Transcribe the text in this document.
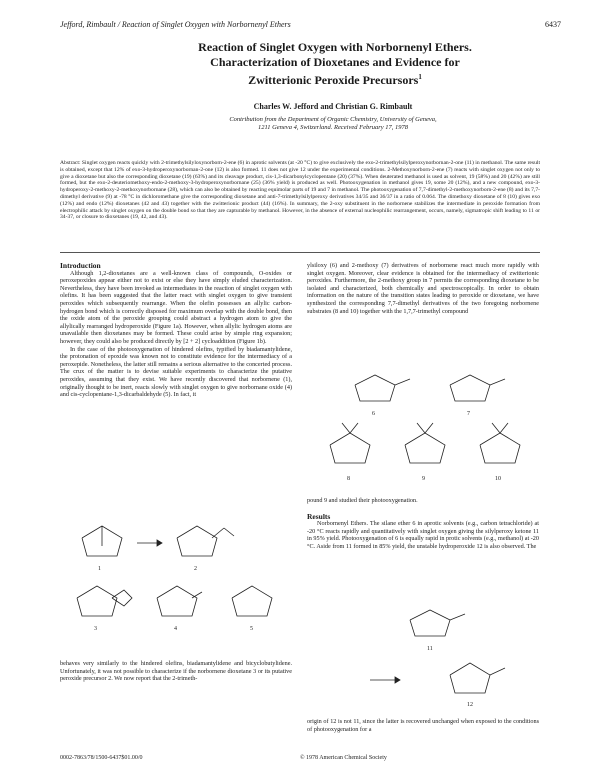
Jefford, Rimbault / Reaction of Singlet Oxygen with Norbornenyl Ethers	6437
Reaction of Singlet Oxygen with Norbornenyl Ethers.
Characterization of Dioxetanes and Evidence for
Zwitterionic Peroxide Precursors$^1$
Charles W. Jefford and Christian G. Rimbault
Contribution from the Department of Organic Chemistry, University of Geneva,
1211 Geneva 4, Switzerland. Received February 17, 1978
Abstract: Singlet oxygen reacts quickly with 2-trimethylsilyloxynorborn-2-ene (6) in aprotic solvents (at -20 °C) to give exclusively the exo-2-trimethylsilylperoxynorbornan-2-one (11) in methanol. The same result is obtained, except that 12% of exo-3-hydroperoxynorbornan-2-one (12) is also formed. 11 does not give 12 under the experimental conditions. 2-Methoxynorborn-2-ene (7) reacts with singlet oxygen not only to give a dioxetane but also the corresponding dioxetane (19) (63%) and its cleavage product, cis-1,3-dicarbonylcyclopentane (20) (37%). When deuterated methanol is used as solvent, 19 (58%) and 20 (42%) are still formed, but the exo-2-deuteriomethoxy-endo-2-methoxy-3-hydroperoxynorbornane (25) (36% yield) is produced as well. Photooxygenation in methanol gives 19, some 20 (12%), and a new compound, exo-3-hydroperoxy-2-methoxy-2-methoxynorbornane (28), which can also be obtained by reacting equimolar parts of 19 and 7 in methanol. The photooxygenation of 7,7-dimethyl-2-methoxynorborn-2-ene (8) and its 7,7-dimethyl derivative (9) at -78 °C in dichloromethane give the corresponding dioxetane and anti-7-trimethylsilylperoxy derivatives 34/35 and 36/37 in a ratio of 0.064. The dimethoxy dioxetane of 8 (10) gives exo (12%) and endo (12%) dioxetanes (42 and 43) together with the zwitterionic product (44) (16%). In summary, the 2-oxy substituent in the norbornene stabilizes the intermediate in peroxide formation from electrophilic attack by singlet oxygen on the double bond so that they are capturable by methanol. However, in the absence of external nucleophilic rearrangement, occurs, namely, sigmatropic shift leading to 11 or 34-37, or closure to dioxetanes (19, 42, and 43).
Introduction

Although 1,2-dioxetanes are a well-known class of compounds, O-oxides or peroxepoxides appear either not to exist or else they have simply eluded characterization. Nevertheless, they have been invoked as intermediates in the reaction of singlet oxygen with olefins. It has been suggested that the latter react with singlet oxygen to give transient peroxides which subsequently rearrange. When the olefin possesses an allylic carbon-hydrogen bond which is correctly disposed for maximum overlap with the double bond, then the oxide atom of the peroxide grouping could abstract a hydrogen atom to give the allylically rearranged hydroperoxide (Figure 1a). However, when allylic hydrogen atoms are unavailable then dioxetanes may be formed. These could arise by simple ring expansion; however, they could also be produced directly by [2 + 2] cycloaddition (Figure 1b).

In the case of the photooxygenation of hindered olefins, typified by biadamantylidene, the protonation of epoxide was known not to constitute evidence for the intermediacy of a peroxepide. Nonetheless, the latter still remains a serious alternative to the concerted process. The crux of the matter is to devise suitable experiments to characterize the putative peroxides, assuming that they exist. We have recently discovered that norbornene (1), originally thought to be inert, reacts slowly with singlet oxygen to give norbornane oxide (4) and cis-cyclopentane-1,3-dicarbaldehyde (5). In fact, it

1	2
3	4	5

behaves very similarly to the hindered olefins, biadamantylidene and bicyclobutylidene. Unfortunately, it was not possible to characterize if the norbornene dioxetane 3 or its putative peroxide precursor 2. We now report that the 2-trimeth-

ylsiloxy (6) and 2-methoxy (7) derivatives of norbornene react much more rapidly with singlet oxygen. Moreover, clear evidence is obtained for the intermediacy of zwitterionic peroxides. Furthermore, the 2-methoxy group in 7 permits the corresponding dioxetane to be isolated and characterized, both chemically and spectroscopically. In order to obtain information on the nature of the transition states leading to peroxide or dioxetane, we have synthesized the corresponding 7,7-dimethyl derivatives of the two foregoing norbornene substrates (8 and 10) together with the 1,7,7-trimethyl compound

6	7
8	9	10

pound 9 and studied their photooxygenation.

Results

Norbornenyl Ethers. The silane ether 6 in aprotic solvents (e.g., carbon tetrachloride) at -20 °C reacts rapidly and quantitatively with singlet oxygen giving the silylperoxy ketone 11 in 95% yield. Photooxygenation of 6 is equally rapid in protic solvents (e.g., methanol) at -20 °C. Aside from 11 formed in 85% yield, the unstable hydroperoxide 12 is also observed. The

11
12

origin of 12 is not 11, since the latter is recovered unchanged when exposed to the conditions of photooxygenation for a

0002-7863/78/1500-6437$01.00/0	© 1978 American Chemical Society
